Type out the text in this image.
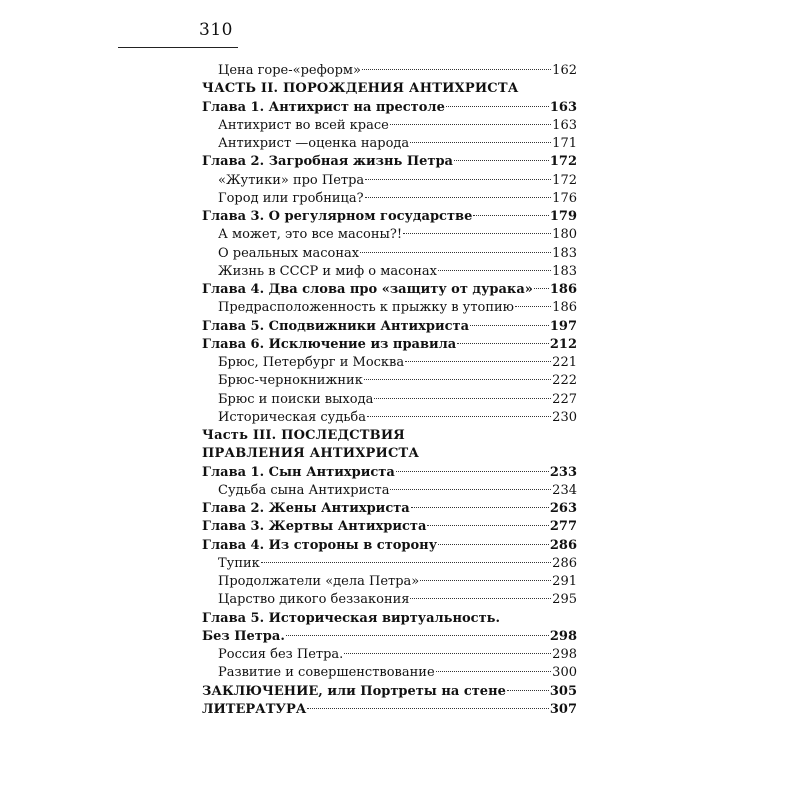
310
Цена горе-«реформ»	162
ЧАСТЬ II. ПОРОЖДЕНИЯ АНТИХРИСТА
Глава 1. Антихрист на престоле	163
Антихрист во всей красе	163
Антихрист —оценка народа	171
Глава 2. Загробная жизнь Петра	172
«Жутики» про Петра	172
Город или гробница?	176
Глава 3. О регулярном государстве	179
А может, это все масоны?!	180
О реальных масонах	183
Жизнь в СССР и миф о масонах	183
Глава 4. Два слова про «защиту от дурака» 186
Предрасположенность к прыжку в утопию	186
Глава 5. Сподвижники Антихриста	197
Глава 6. Исключение из правила	212
Брюс, Петербург и Москва	221
Брюс-чернокнижник	222
Брюс и поиски выхода	227
Историческая судьба	230
Часть III. ПОСЛЕДСТВИЯ
ПРАВЛЕНИЯ АНТИХРИСТА
Глава 1. Сын Антихриста	233
Судьба сына Антихриста	234
Глава 2. Жены Антихриста	263
Глава 3. Жертвы Антихриста	277
Глава 4. Из стороны в сторону	286
Тупик	286
Продолжатели «дела Петра»	291
Царство дикого беззакония	295
Глава 5. Историческая виртуальность.
Без Петра.	298
Россия без Петра.	298
Развитие и совершенствование	300
ЗАКЛЮЧЕНИЕ, или Портреты на стене	305
ЛИТЕРАТУРА	307
